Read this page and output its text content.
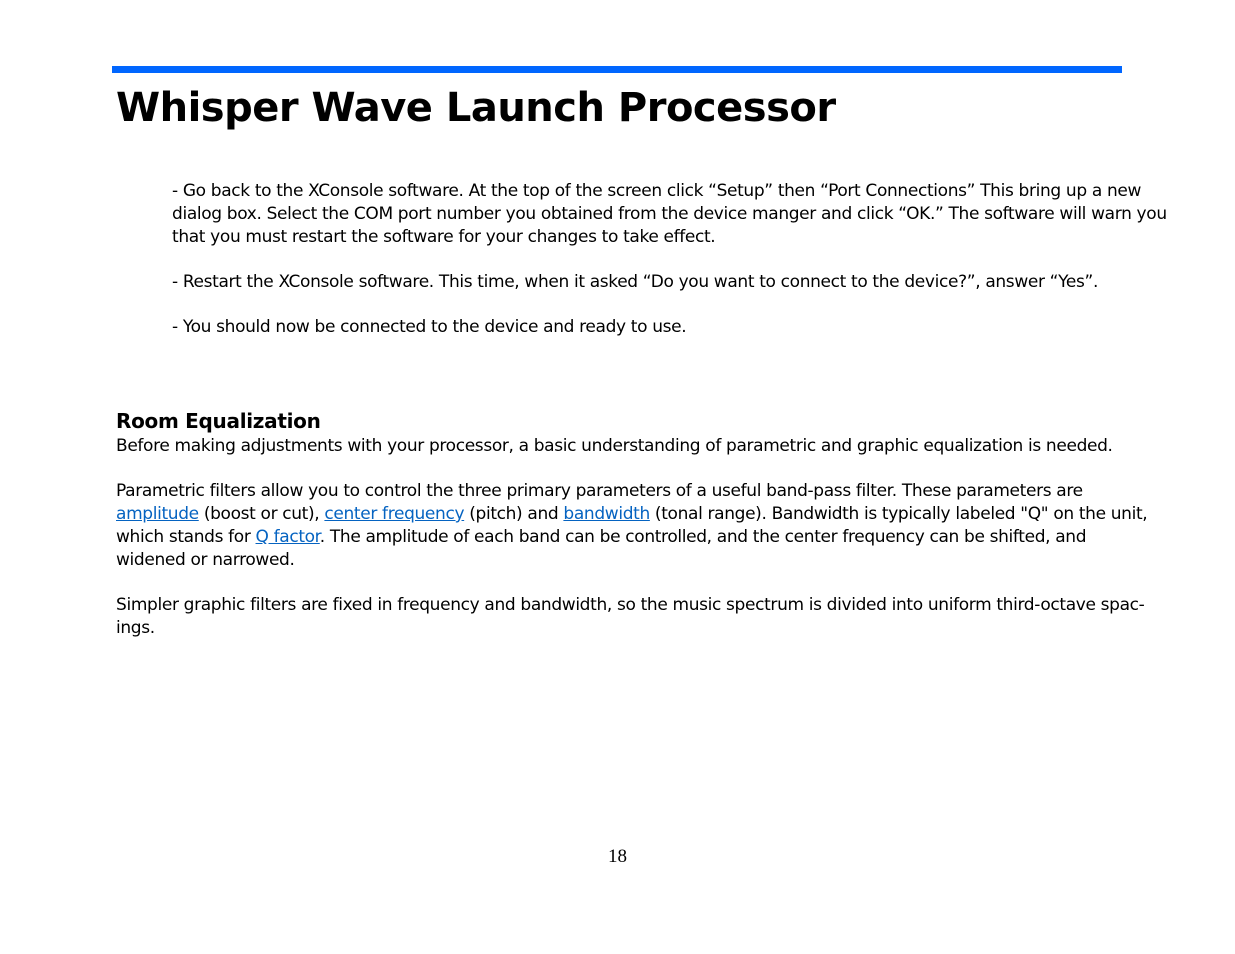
Whisper Wave Launch Processor

- Go back to the XConsole software. At the top of the screen click “Setup” then “Port Connections” This bring up a new dialog box. Select the COM port number you obtained from the device manger and click “OK.” The software will warn you that you must restart the software for your changes to take effect.

- Restart the XConsole software. This time, when it asked “Do you want to connect to the device?”, answer “Yes”.

- You should now be connected to the device and ready to use.

Room Equalization

Before making adjustments with your processor, a basic understanding of parametric and graphic equalization is needed.

Parametric filters allow you to control the three primary parameters of a useful band-pass filter. These parameters are amplitude (boost or cut), center frequency (pitch) and bandwidth (tonal range). Bandwidth is typically labeled "Q" on the unit, which stands for Q factor. The amplitude of each band can be controlled, and the center frequency can be shifted, and widened or narrowed.

Simpler graphic filters are fixed in frequency and bandwidth, so the music spectrum is divided into uniform third-octave spac-ings.

18
